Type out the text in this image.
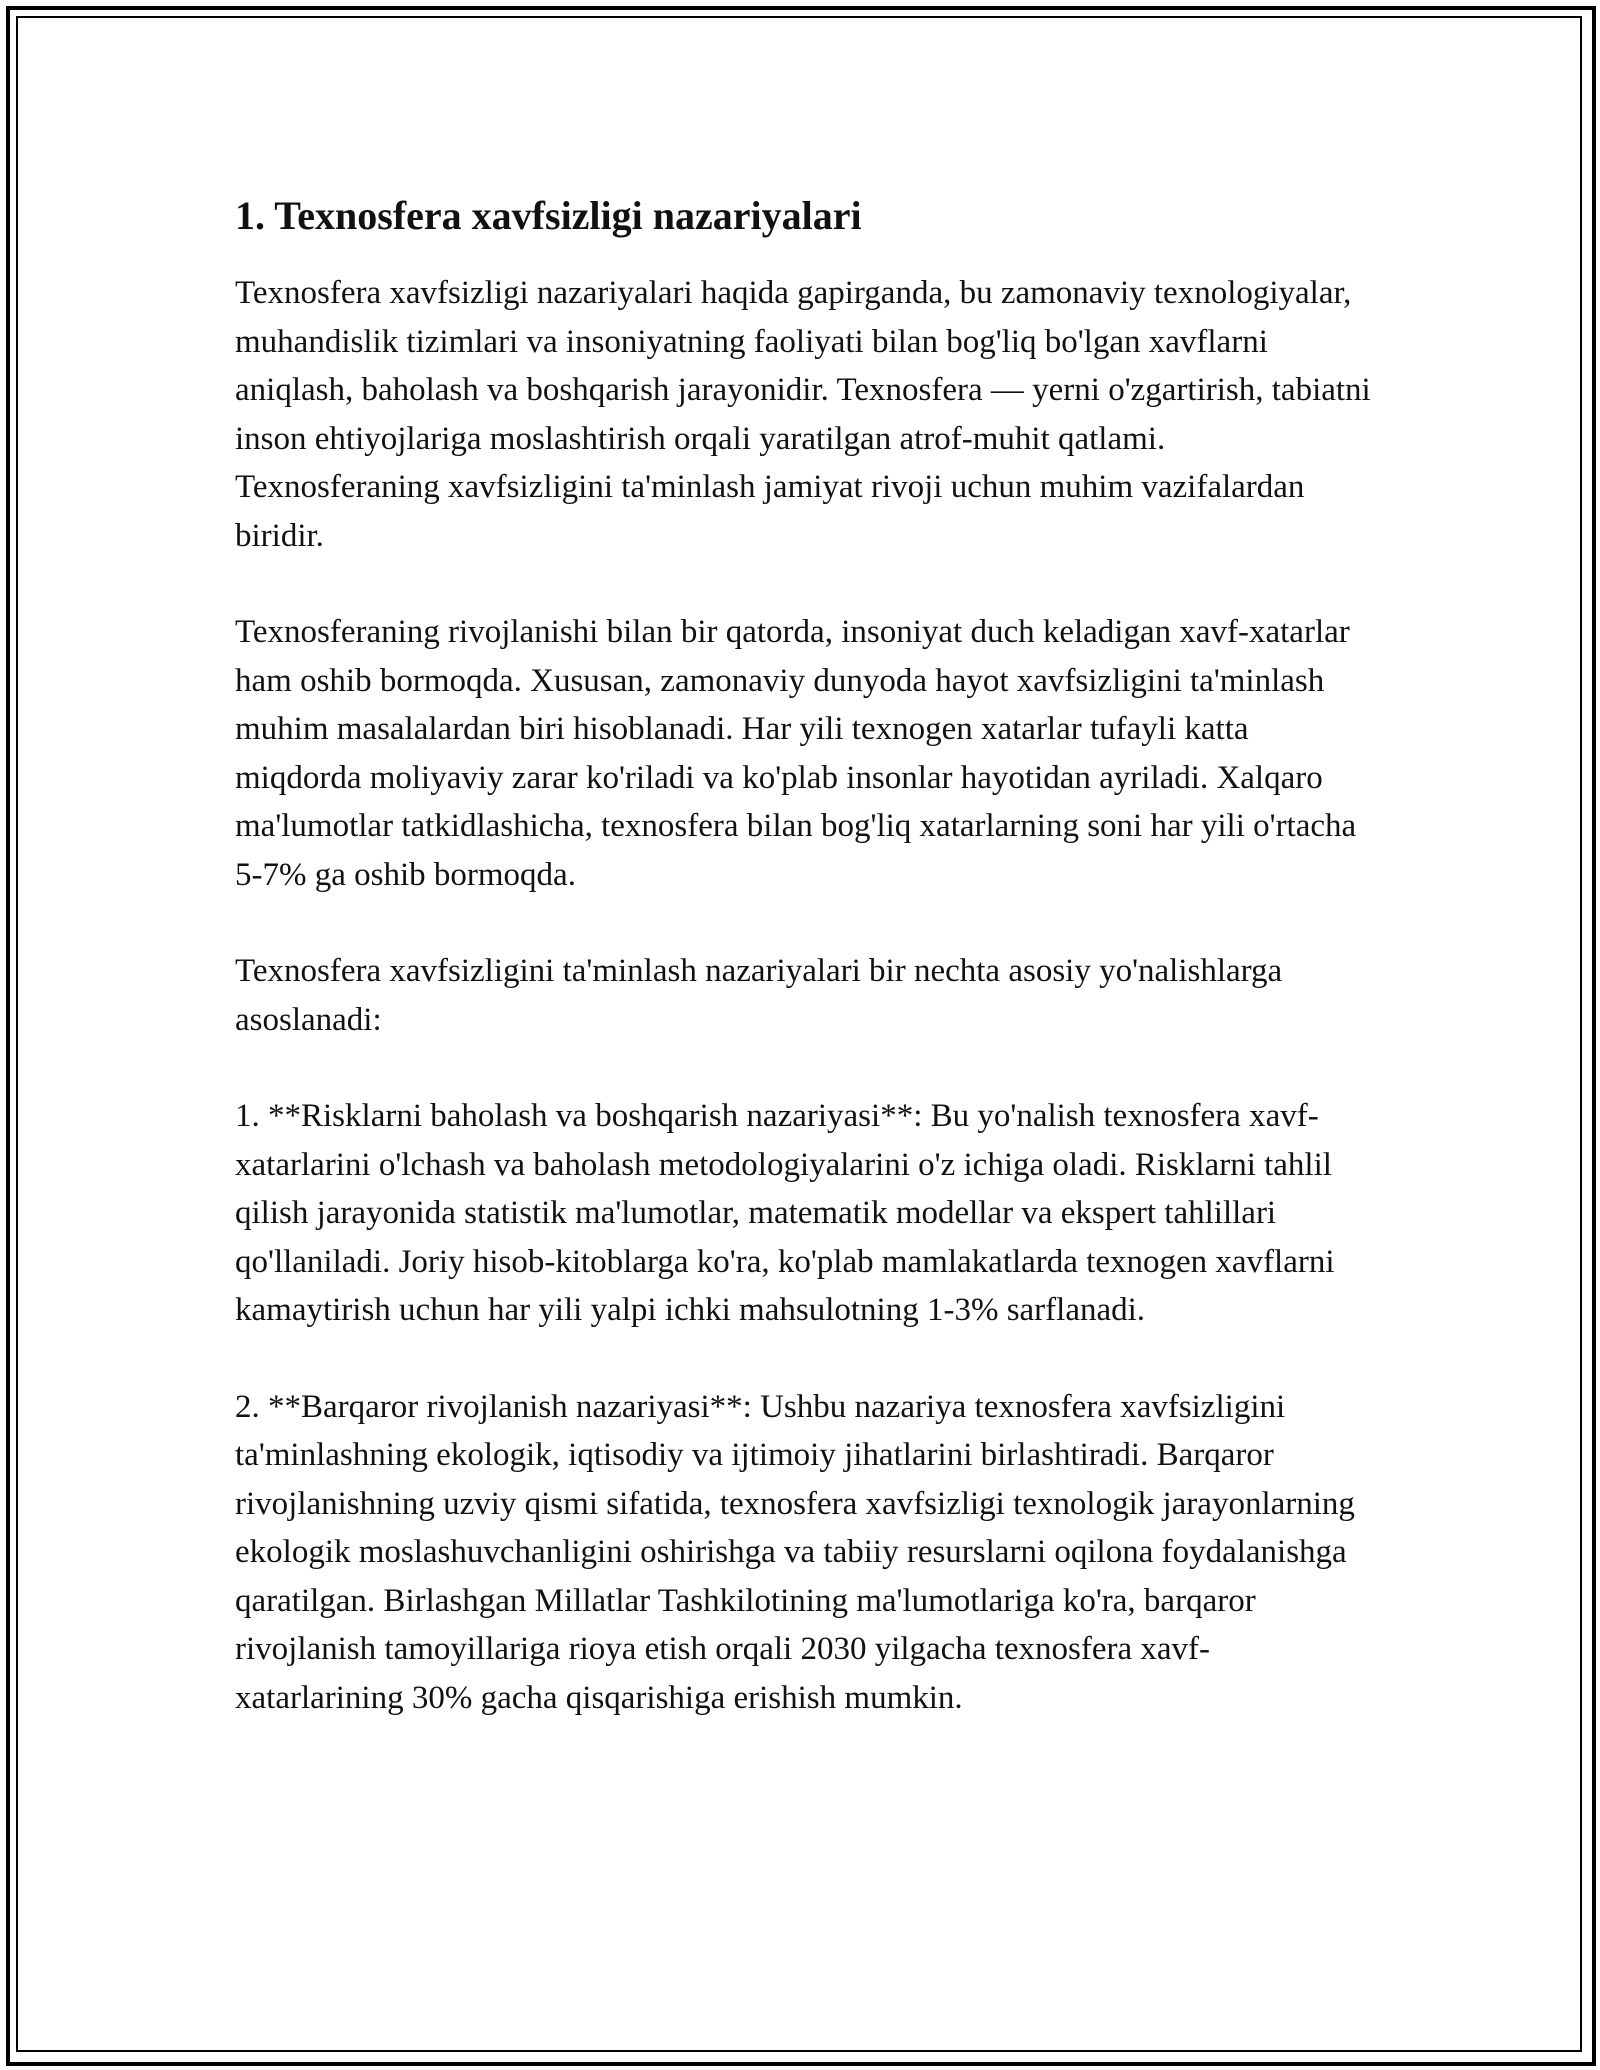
1. Texnosfera xavfsizligi nazariyalari

Texnosfera xavfsizligi nazariyalari haqida gapirganda, bu zamonaviy texnologiyalar, muhandislik tizimlari va insoniyatning faoliyati bilan bog'liq bo'lgan xavflarni aniqlash, baholash va boshqarish jarayonidir. Texnosfera — yerni o'zgartirish, tabiatni inson ehtiyojlariga moslashtirish orqali yaratilgan atrof-muhit qatlami. Texnosferaning xavfsizligini ta'minlash jamiyat rivoji uchun muhim vazifalardan biridir.

Texnosferaning rivojlanishi bilan bir qatorda, insoniyat duch keladigan xavf-xatarlar ham oshib bormoqda. Xususan, zamonaviy dunyoda hayot xavfsizligini ta'minlash muhim masalalardan biri hisoblanadi. Har yili texnogen xatarlar tufayli katta miqdorda moliyaviy zarar ko'riladi va ko'plab insonlar hayotidan ayriladi. Xalqaro ma'lumotlar tatkidlashicha, texnosfera bilan bog'liq xatarlarning soni har yili o'rtacha 5-7% ga oshib bormoqda.

Texnosfera xavfsizligini ta'minlash nazariyalari bir nechta asosiy yo'nalishlarga asoslanadi:

1. **Risklarni baholash va boshqarish nazariyasi**: Bu yo'nalish texnosfera xavf-xatarlarini o'lchash va baholash metodologiyalarini o'z ichiga oladi. Risklarni tahlil qilish jarayonida statistik ma'lumotlar, matematik modellar va ekspert tahlillari qo'llaniladi. Joriy hisob-kitoblarga ko'ra, ko'plab mamlakatlarda texnogen xavflarni kamaytirish uchun har yili yalpi ichki mahsulotning 1-3% sarflanadi.

2. **Barqaror rivojlanish nazariyasi**: Ushbu nazariya texnosfera xavfsizligini ta'minlashning ekologik, iqtisodiy va ijtimoiy jihatlarini birlashtiradi. Barqaror rivojlanishning uzviy qismi sifatida, texnosfera xavfsizligi texnologik jarayonlarning ekologik moslashuvchanligini oshirishga va tabiiy resurslarni oqilona foydalanishga qaratilgan. Birlashgan Millatlar Tashkilotining ma'lumotlariga ko'ra, barqaror rivojlanish tamoyillariga rioya etish orqali 2030 yilgacha texnosfera xavf-xatarlarining 30% gacha qisqarishiga erishish mumkin.
